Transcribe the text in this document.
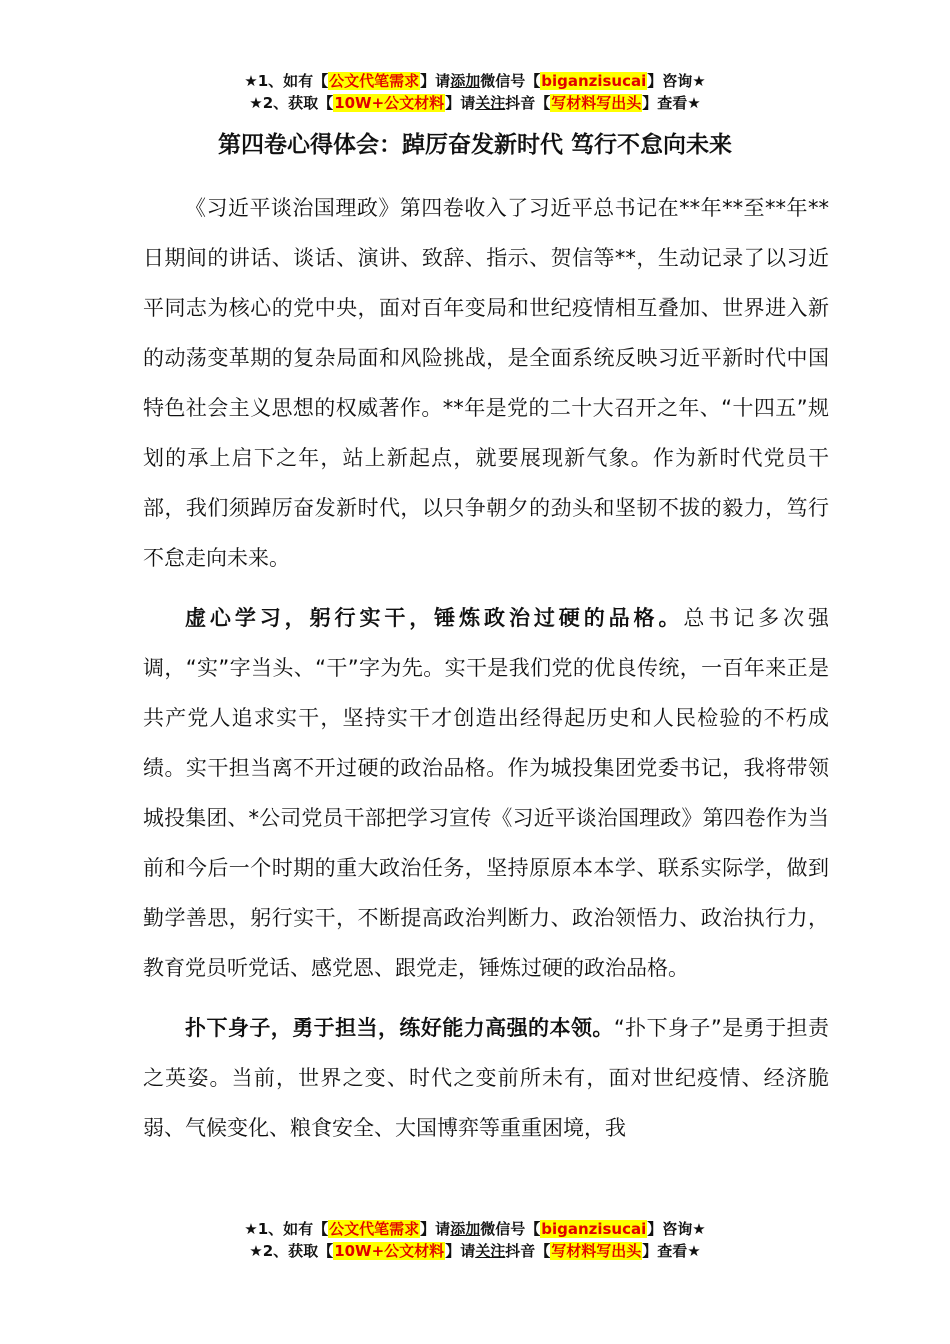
★1、如有【公文代笔需求】请添加微信号【biganzisucai】咨询★
★2、获取【10W+公文材料】请关注抖音【写材料写出头】查看★
第四卷心得体会：踔厉奋发新时代 笃行不怠向未来

《习近平谈治国理政》第四卷收入了习近平总书记在**年**至**年**日期间的讲话、谈话、演讲、致辞、指示、贺信等**，生动记录了以习近平同志为核心的党中央，面对百年变局和世纪疫情相互叠加、世界进入新的动荡变革期的复杂局面和风险挑战，是全面系统反映习近平新时代中国特色社会主义思想的权威著作。**年是党的二十大召开之年、“十四五”规划的承上启下之年，站上新起点，就要展现新气象。作为新时代党员干部，我们须踔厉奋发新时代，以只争朝夕的劲头和坚韧不拔的毅力，笃行不怠走向未来。

虚心学习，躬行实干，锤炼政治过硬的品格。总书记多次强调，“实”字当头、“干”字为先。实干是我们党的优良传统，一百年来正是共产党人追求实干，坚持实干才创造出经得起历史和人民检验的不朽成绩。实干担当离不开过硬的政治品格。作为城投集团党委书记，我将带领城投集团、*公司党员干部把学习宣传《习近平谈治国理政》第四卷作为当前和今后一个时期的重大政治任务，坚持原原本本学、联系实际学，做到勤学善思，躬行实干，不断提高政治判断力、政治领悟力、政治执行力，教育党员听党话、感党恩、跟党走，锤炼过硬的政治品格。

扑下身子，勇于担当，练好能力高强的本领。“扑下身子”是勇于担责之英姿。当前，世界之变、时代之变前所未有，面对世纪疫情、经济脆弱、气候变化、粮食安全、大国博弈等重重困境，我

★1、如有【公文代笔需求】请添加微信号【biganzisucai】咨询★
★2、获取【10W+公文材料】请关注抖音【写材料写出头】查看★
